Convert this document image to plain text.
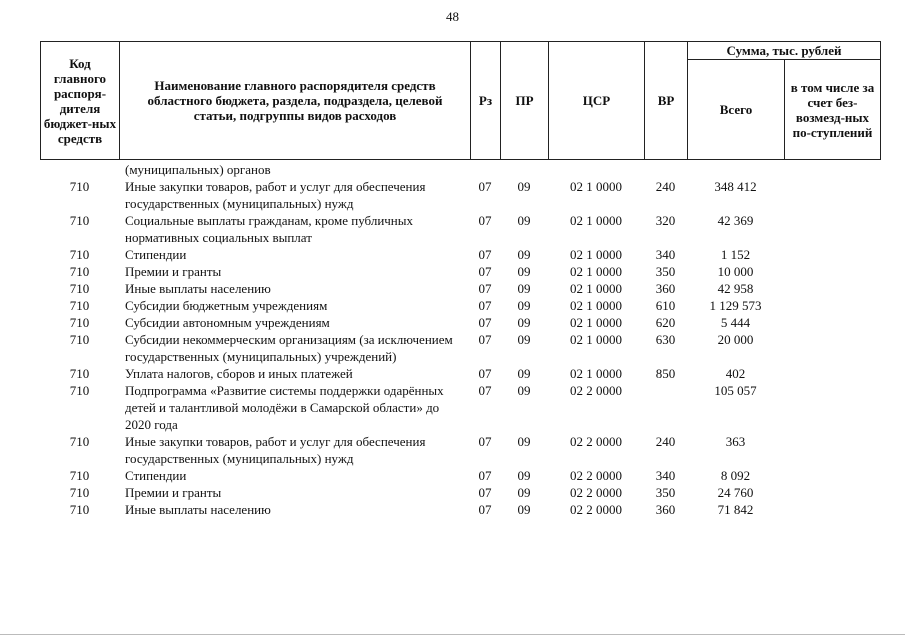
48
Код главного распоря-дителя бюджет-ных средств	Наименование главного распорядителя средств областного бюджета, раздела, подраздела, целевой статьи, подгруппы видов расходов	Рз	ПР	ЦСР	ВР	Сумма, тыс. рублей	
						Всего	в том числе за счет без-возмезд-ных по-ступлений
	(муниципальных) органов						
710	Иные закупки товаров, работ и услуг для обеспечения государственных (муниципальных) нужд	07	09	02 1 0000	240	348 412	
710	Социальные выплаты гражданам, кроме публичных нормативных социальных выплат	07	09	02 1 0000	320	42 369	
710	Стипендии	07	09	02 1 0000	340	1 152	
710	Премии и гранты	07	09	02 1 0000	350	10 000	
710	Иные выплаты населению	07	09	02 1 0000	360	42 958	
710	Субсидии бюджетным учреждениям	07	09	02 1 0000	610	1 129 573	
710	Субсидии автономным учреждениям	07	09	02 1 0000	620	5 444	
710	Субсидии некоммерческим организациям (за исключением государственных (муниципальных) учреждений)	07	09	02 1 0000	630	20 000	
710	Уплата налогов, сборов и иных платежей	07	09	02 1 0000	850	402	
710	Подпрограмма «Развитие системы поддержки одарённых детей и талантливой молодёжи в Самарской области» до 2020 года	07	09	02 2 0000		105 057	
710	Иные закупки товаров, работ и услуг для обеспечения государственных (муниципальных) нужд	07	09	02 2 0000	240	363	
710	Стипендии	07	09	02 2 0000	340	8 092	
710	Премии и гранты	07	09	02 2 0000	350	24 760	
710	Иные выплаты населению	07	09	02 2 0000	360	71 842	
